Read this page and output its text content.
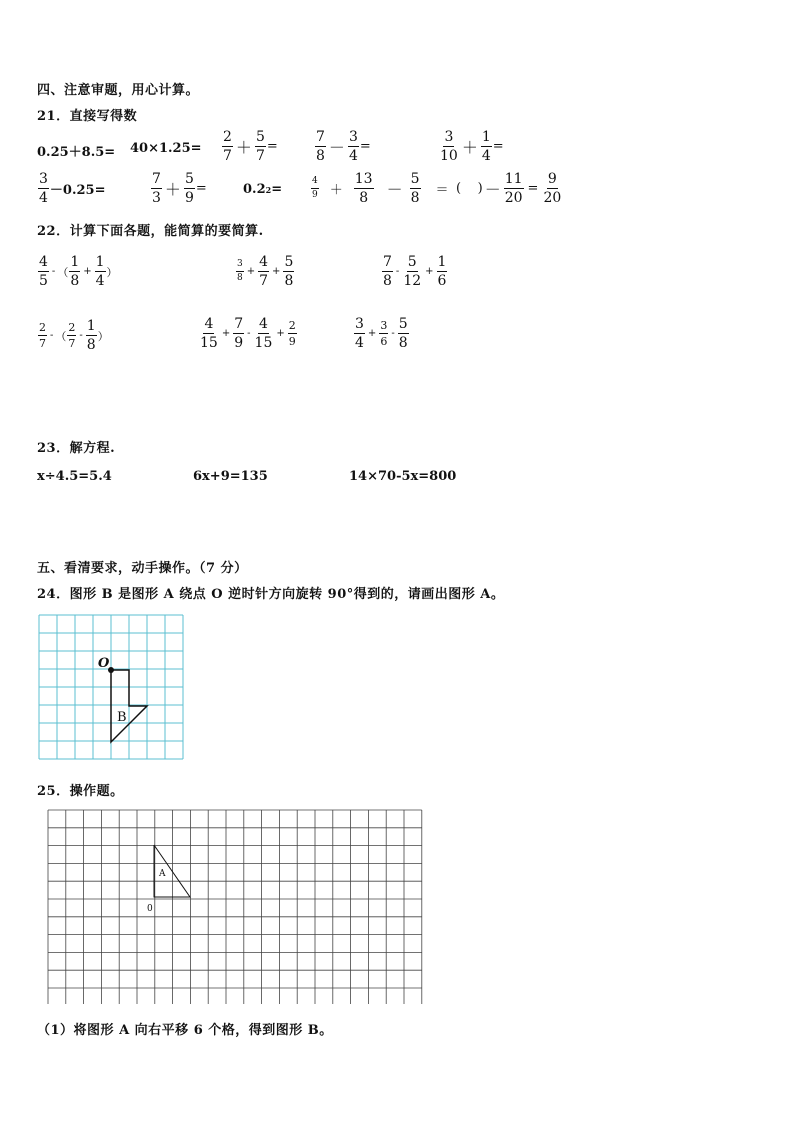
四、注意审题，用心计算。
21．直接写得数
$0.25+8.5= 40\times 1.25= \frac{2}{7} + \frac{5}{7}$ =	$\frac{7}{8} - \frac{3}{4}$ =	$\frac{3}{10} + \frac{1}{4}$ =
$\frac{3}{4} -0.25=$	$\frac{7}{3} + \frac{5}{9}$ =	0.2 2 =	$\frac{4}{9} + \frac{13}{8} - \frac{5}{8}$ ＝ (    ) － $\frac{11}{20} = \frac{9}{20}$
22．计算下面各题，能简算的要简算.
$\frac{4}{5}$ - （ $\frac{1}{8} + \frac{1}{4}$ ）	$\frac{3}{8} + \frac{4}{7} + \frac{5}{8}$	$\frac{7}{8} - \frac{5}{12} + \frac{1}{6}$
$\frac{2}{7}$ - （ $\frac{2}{7} - \frac{1}{8}$ ）	$\frac{4}{15} + \frac{7}{9} - \frac{4}{15} + \frac{2}{9}$	$\frac{3}{4} + \frac{3}{6} - \frac{5}{8}$
23．解方程.
x÷4.5=5.4	6x+9=135	14×70-5x=800
五、看清要求，动手操作。（7 分）
24．图形 B 是图形 A 绕点 O 逆时针方向旋转 90°得到的，请画出图形 A。
O
B
25．操作题。
A
0
（1）将图形 A 向右平移 6 个格，得到图形 B。
